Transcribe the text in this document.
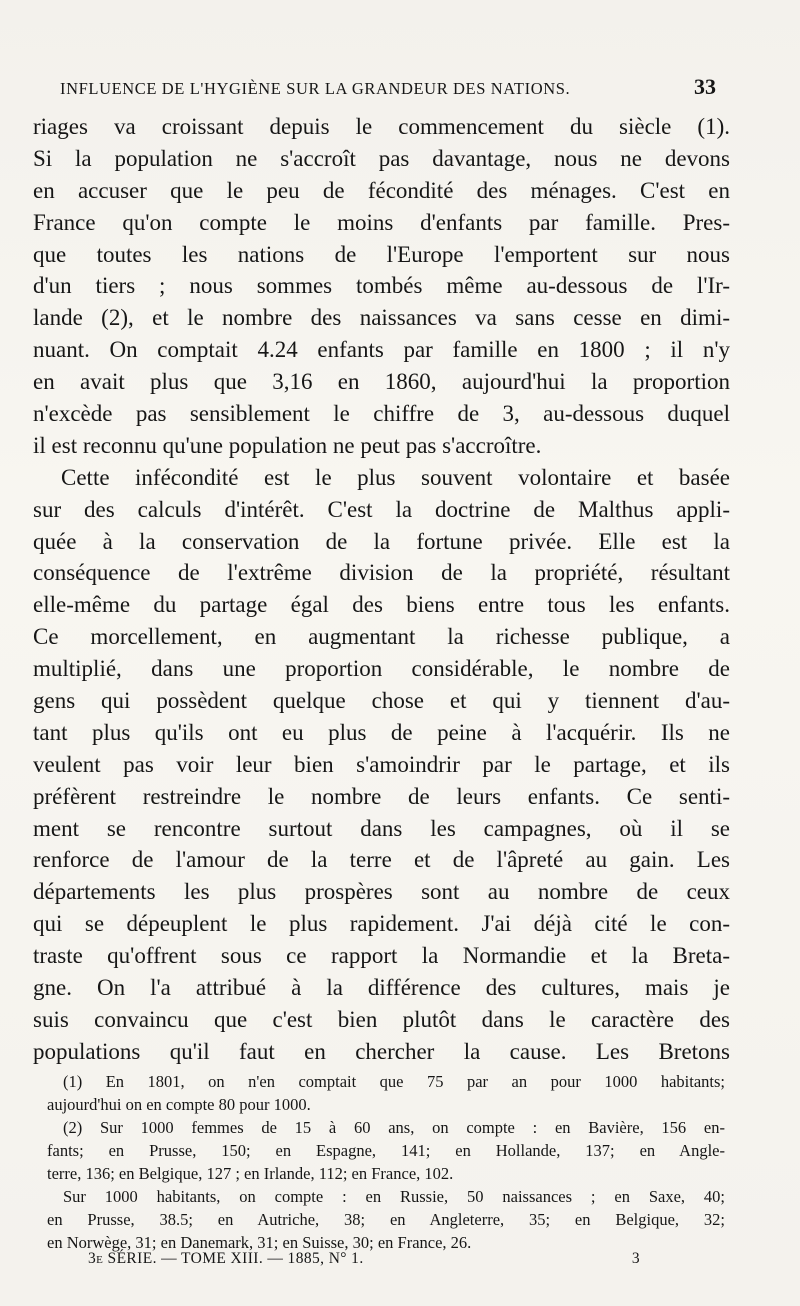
INFLUENCE DE L'HYGIÈNE SUR LA GRANDEUR DES NATIONS.	33
riages va croissant depuis le commencement du siècle (1).
Si la population ne s'accroît pas davantage, nous ne devons
en accuser que le peu de fécondité des ménages. C'est en
France qu'on compte le moins d'enfants par famille. Pres-
que toutes les nations de l'Europe l'emportent sur nous
d'un tiers ; nous sommes tombés même au-dessous de l'Ir-
lande (2), et le nombre des naissances va sans cesse en dimi-
nuant. On comptait 4.24 enfants par famille en 1800 ; il n'y
en avait plus que 3,16 en 1860, aujourd'hui la proportion
n'excède pas sensiblement le chiffre de 3, au-dessous duquel
il est reconnu qu'une population ne peut pas s'accroître.
Cette infécondité est le plus souvent volontaire et basée
sur des calculs d'intérêt. C'est la doctrine de Malthus appli-
quée à la conservation de la fortune privée. Elle est la
conséquence de l'extrême division de la propriété, résultant
elle-même du partage égal des biens entre tous les enfants.
Ce morcellement, en augmentant la richesse publique, a
multiplié, dans une proportion considérable, le nombre de
gens qui possèdent quelque chose et qui y tiennent d'au-
tant plus qu'ils ont eu plus de peine à l'acquérir. Ils ne
veulent pas voir leur bien s'amoindrir par le partage, et ils
préfèrent restreindre le nombre de leurs enfants. Ce senti-
ment se rencontre surtout dans les campagnes, où il se
renforce de l'amour de la terre et de l'âpreté au gain. Les
départements les plus prospères sont au nombre de ceux
qui se dépeuplent le plus rapidement. J'ai déjà cité le con-
traste qu'offrent sous ce rapport la Normandie et la Breta-
gne. On l'a attribué à la différence des cultures, mais je
suis convaincu que c'est bien plutôt dans le caractère des
populations qu'il faut en chercher la cause. Les Bretons
(1) En 1801, on n'en comptait que 75 par an pour 1000 habitants;
aujourd'hui on en compte 80 pour 1000.
(2) Sur 1000 femmes de 15 à 60 ans, on compte : en Bavière, 156 en-
fants; en Prusse, 150; en Espagne, 141; en Hollande, 137; en Angle-
terre, 136; en Belgique, 127 ; en Irlande, 112; en France, 102.
Sur 1000 habitants, on compte : en Russie, 50 naissances ; en Saxe, 40;
en Prusse, 38.5; en Autriche, 38; en Angleterre, 35; en Belgique, 32;
en Norwège, 31; en Danemark, 31; en Suisse, 30; en France, 26.
3e SÉRIE. — TOME XIII. — 1885, N° 1.	3
